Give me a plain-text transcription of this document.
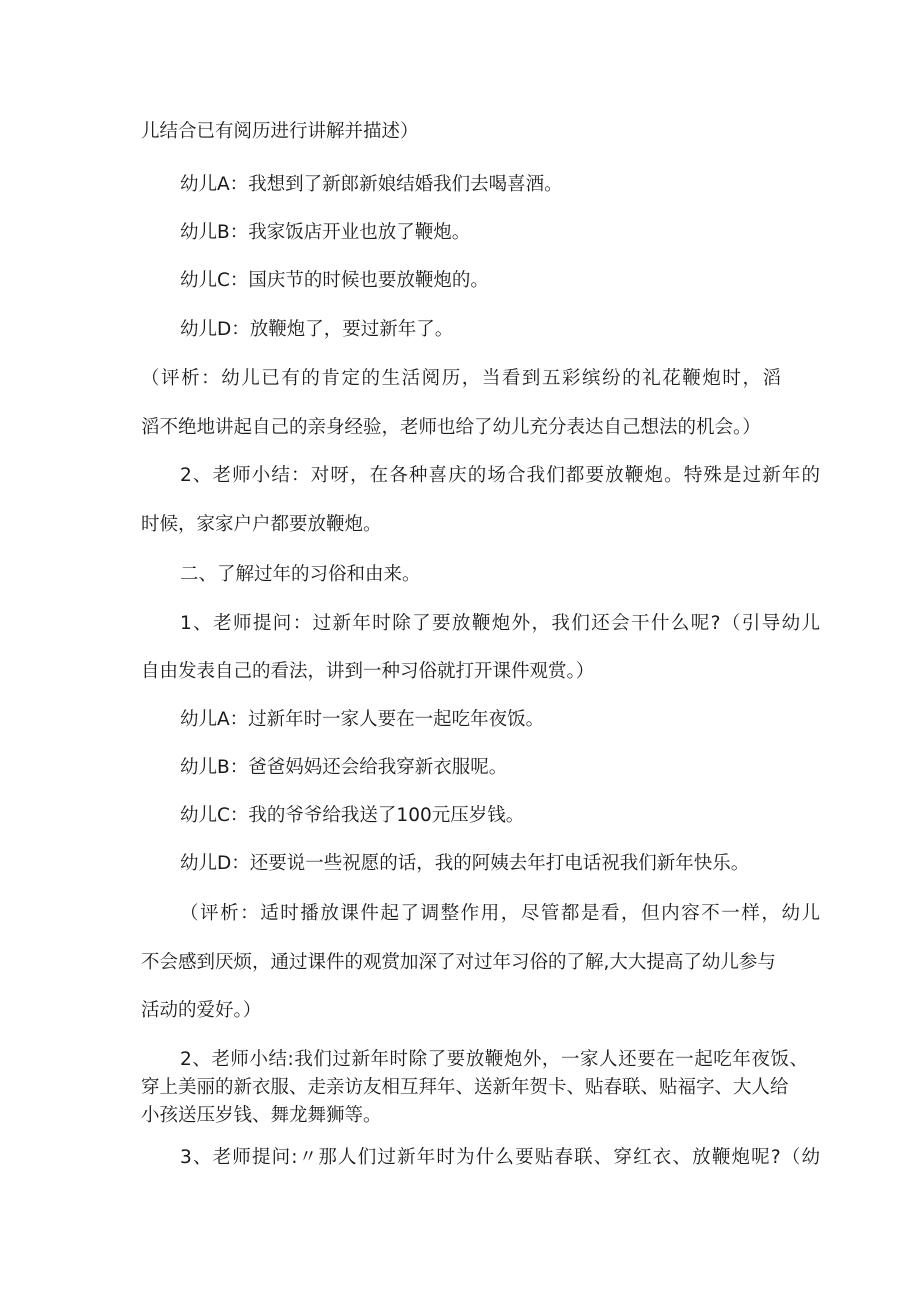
儿结合已有阅历进行讲解并描述）

幼儿A：我想到了新郎新娘结婚我们去喝喜酒。

幼儿B：我家饭店开业也放了鞭炮。

幼儿C：国庆节的时候也要放鞭炮的。

幼儿D：放鞭炮了，要过新年了。

（评析：幼儿已有的肯定的生活阅历，当看到五彩缤纷的礼花鞭炮时，滔

滔不绝地讲起自己的亲身经验，老师也给了幼儿充分表达自己想法的机会。）

2、老师小结：对呀，在各种喜庆的场合我们都要放鞭炮。特殊是过新年的

时候，家家户户都要放鞭炮。

二、了解过年的习俗和由来。

1、老师提问：过新年时除了要放鞭炮外，我们还会干什么呢?（引导幼儿

自由发表自己的看法，讲到一种习俗就打开课件观赏。）

幼儿A：过新年时一家人要在一起吃年夜饭。

幼儿B：爸爸妈妈还会给我穿新衣服呢。

幼儿C：我的爷爷给我送了100元压岁钱。

幼儿D：还要说一些祝愿的话，我的阿姨去年打电话祝我们新年快乐。

（评析：适时播放课件起了调整作用，尽管都是看，但内容不一样，幼儿

不会感到厌烦，通过课件的观赏加深了对过年习俗的了解,大大提高了幼儿参与

活动的爱好。）

2、老师小结:我们过新年时除了要放鞭炮外，一家人还要在一起吃年夜饭、

穿上美丽的新衣服、走亲访友相互拜年、送新年贺卡、贴春联、贴福字、大人给

小孩送压岁钱、舞龙舞狮等。

3、老师提问:〃那人们过新年时为什么要贴春联、穿红衣、放鞭炮呢?（幼
